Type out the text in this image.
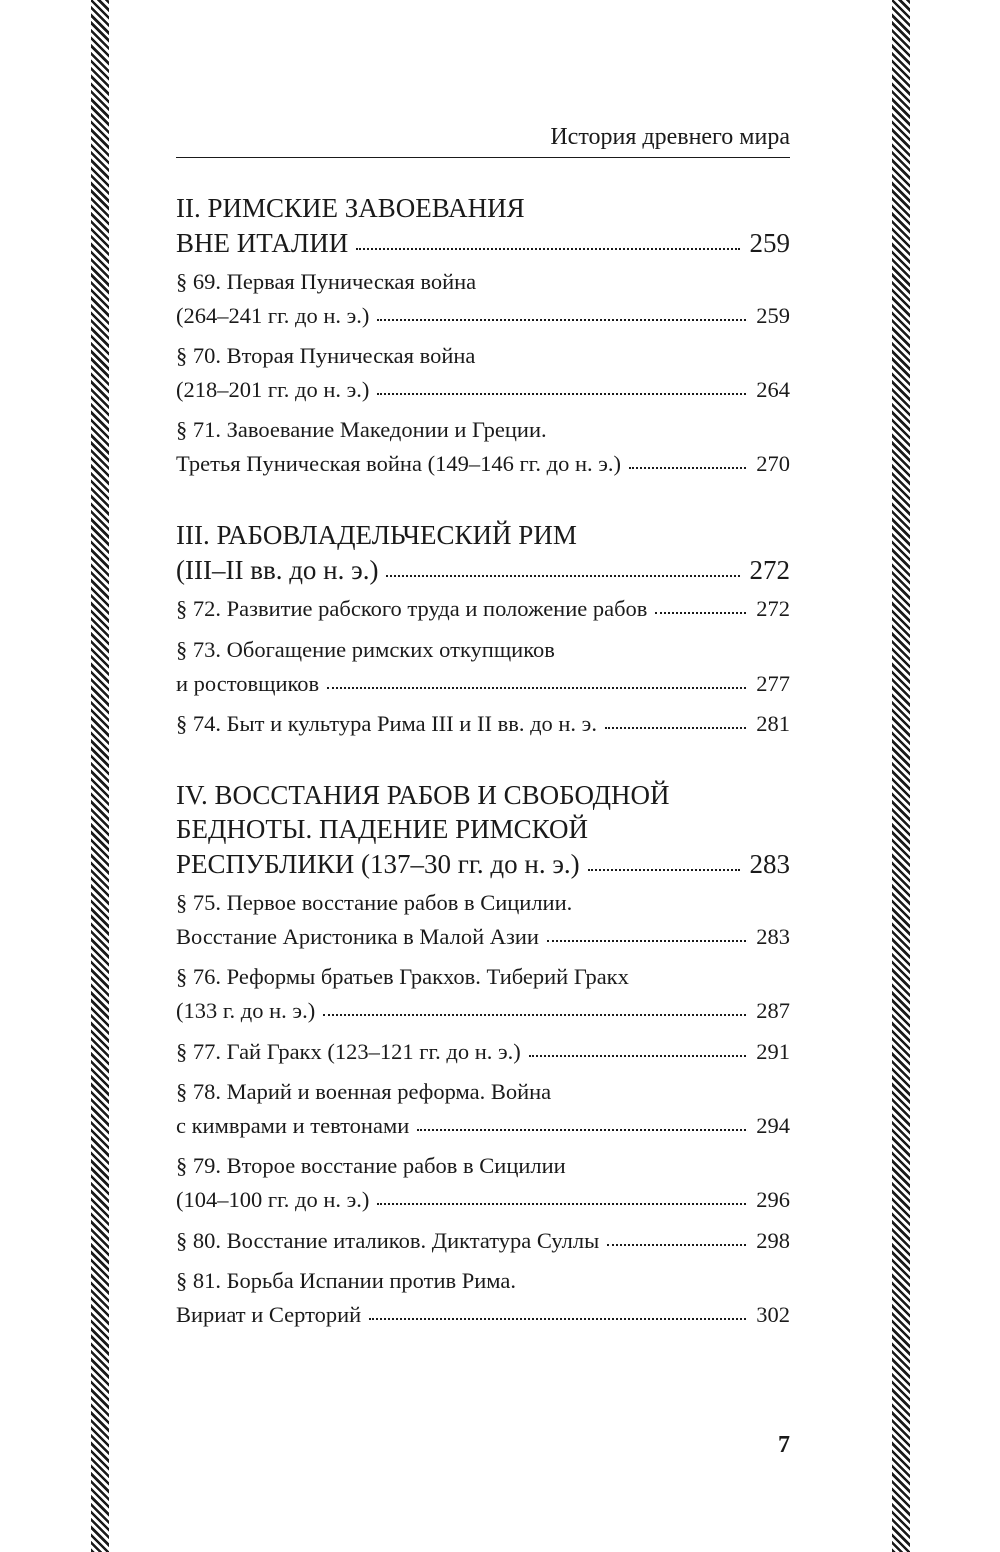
История древнего мира
II. РИМСКИЕ ЗАВОЕВАНИЯ
ВНЕ ИТАЛИИ	259
§ 69. Первая Пуническая война
(264–241 гг. до н. э.)	259
§ 70. Вторая Пуническая война
(218–201 гг. до н. э.)	264
§ 71. Завоевание Македонии и Греции.
Третья Пуническая война (149–146 гг. до н. э.)	270
III. РАБОВЛАДЕЛЬЧЕСКИЙ РИМ
(III–II вв. до н. э.)	272
§ 72. Развитие рабского труда и положение рабов	272
§ 73. Обогащение римских откупщиков
и ростовщиков	277
§ 74. Быт и культура Рима III и II вв. до н. э.	281
IV. ВОССТАНИЯ РАБОВ И СВОБОДНОЙ
БЕДНОТЫ. ПАДЕНИЕ РИМСКОЙ
РЕСПУБЛИКИ (137–30 гг. до н. э.)	283
§ 75. Первое восстание рабов в Сицилии.
Восстание Аристоника в Малой Азии	283
§ 76. Реформы братьев Гракхов. Тиберий Гракх
(133 г. до н. э.)	287
§ 77. Гай Гракх (123–121 гг. до н. э.)	291
§ 78. Марий и военная реформа. Война
с кимврами и тевтонами	294
§ 79. Второе восстание рабов в Сицилии
(104–100 гг. до н. э.)	296
§ 80. Восстание италиков. Диктатура Суллы	298
§ 81. Борьба Испании против Рима.
Вириат и Серторий	302
7
